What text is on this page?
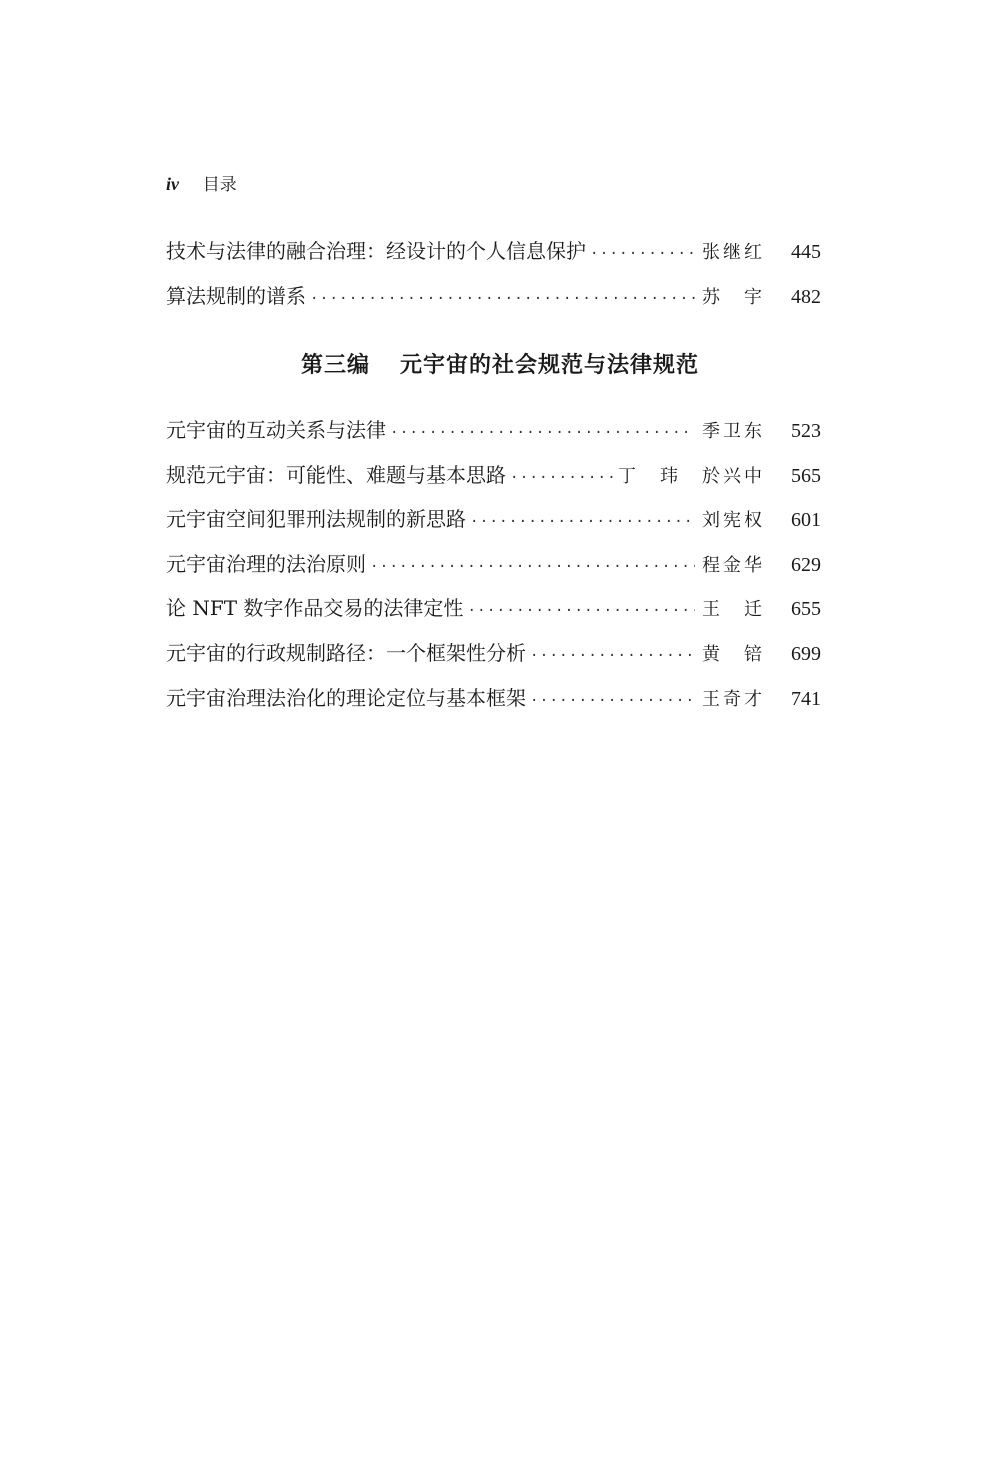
iv 目录
技术与法律的融合治理：经设计的个人信息保护 ·····	张继红	445
算法规制的谱系 ·····	苏　宇	482
第三编 元宇宙的社会规范与法律规范
元宇宙的互动关系与法律 ·····	季卫东	523
规范元宇宙：可能性、难题与基本思路 ·····	丁　玮　於兴中	565
元宇宙空间犯罪刑法规制的新思路 ·····	刘宪权	601
元宇宙治理的法治原则 ·····	程金华	629
论 NFT 数字作品交易的法律定性 ·····	王　迁	655
元宇宙的行政规制路径：一个框架性分析 ·····	黄　锫	699
元宇宙治理法治化的理论定位与基本框架 ·····	王奇才	741
